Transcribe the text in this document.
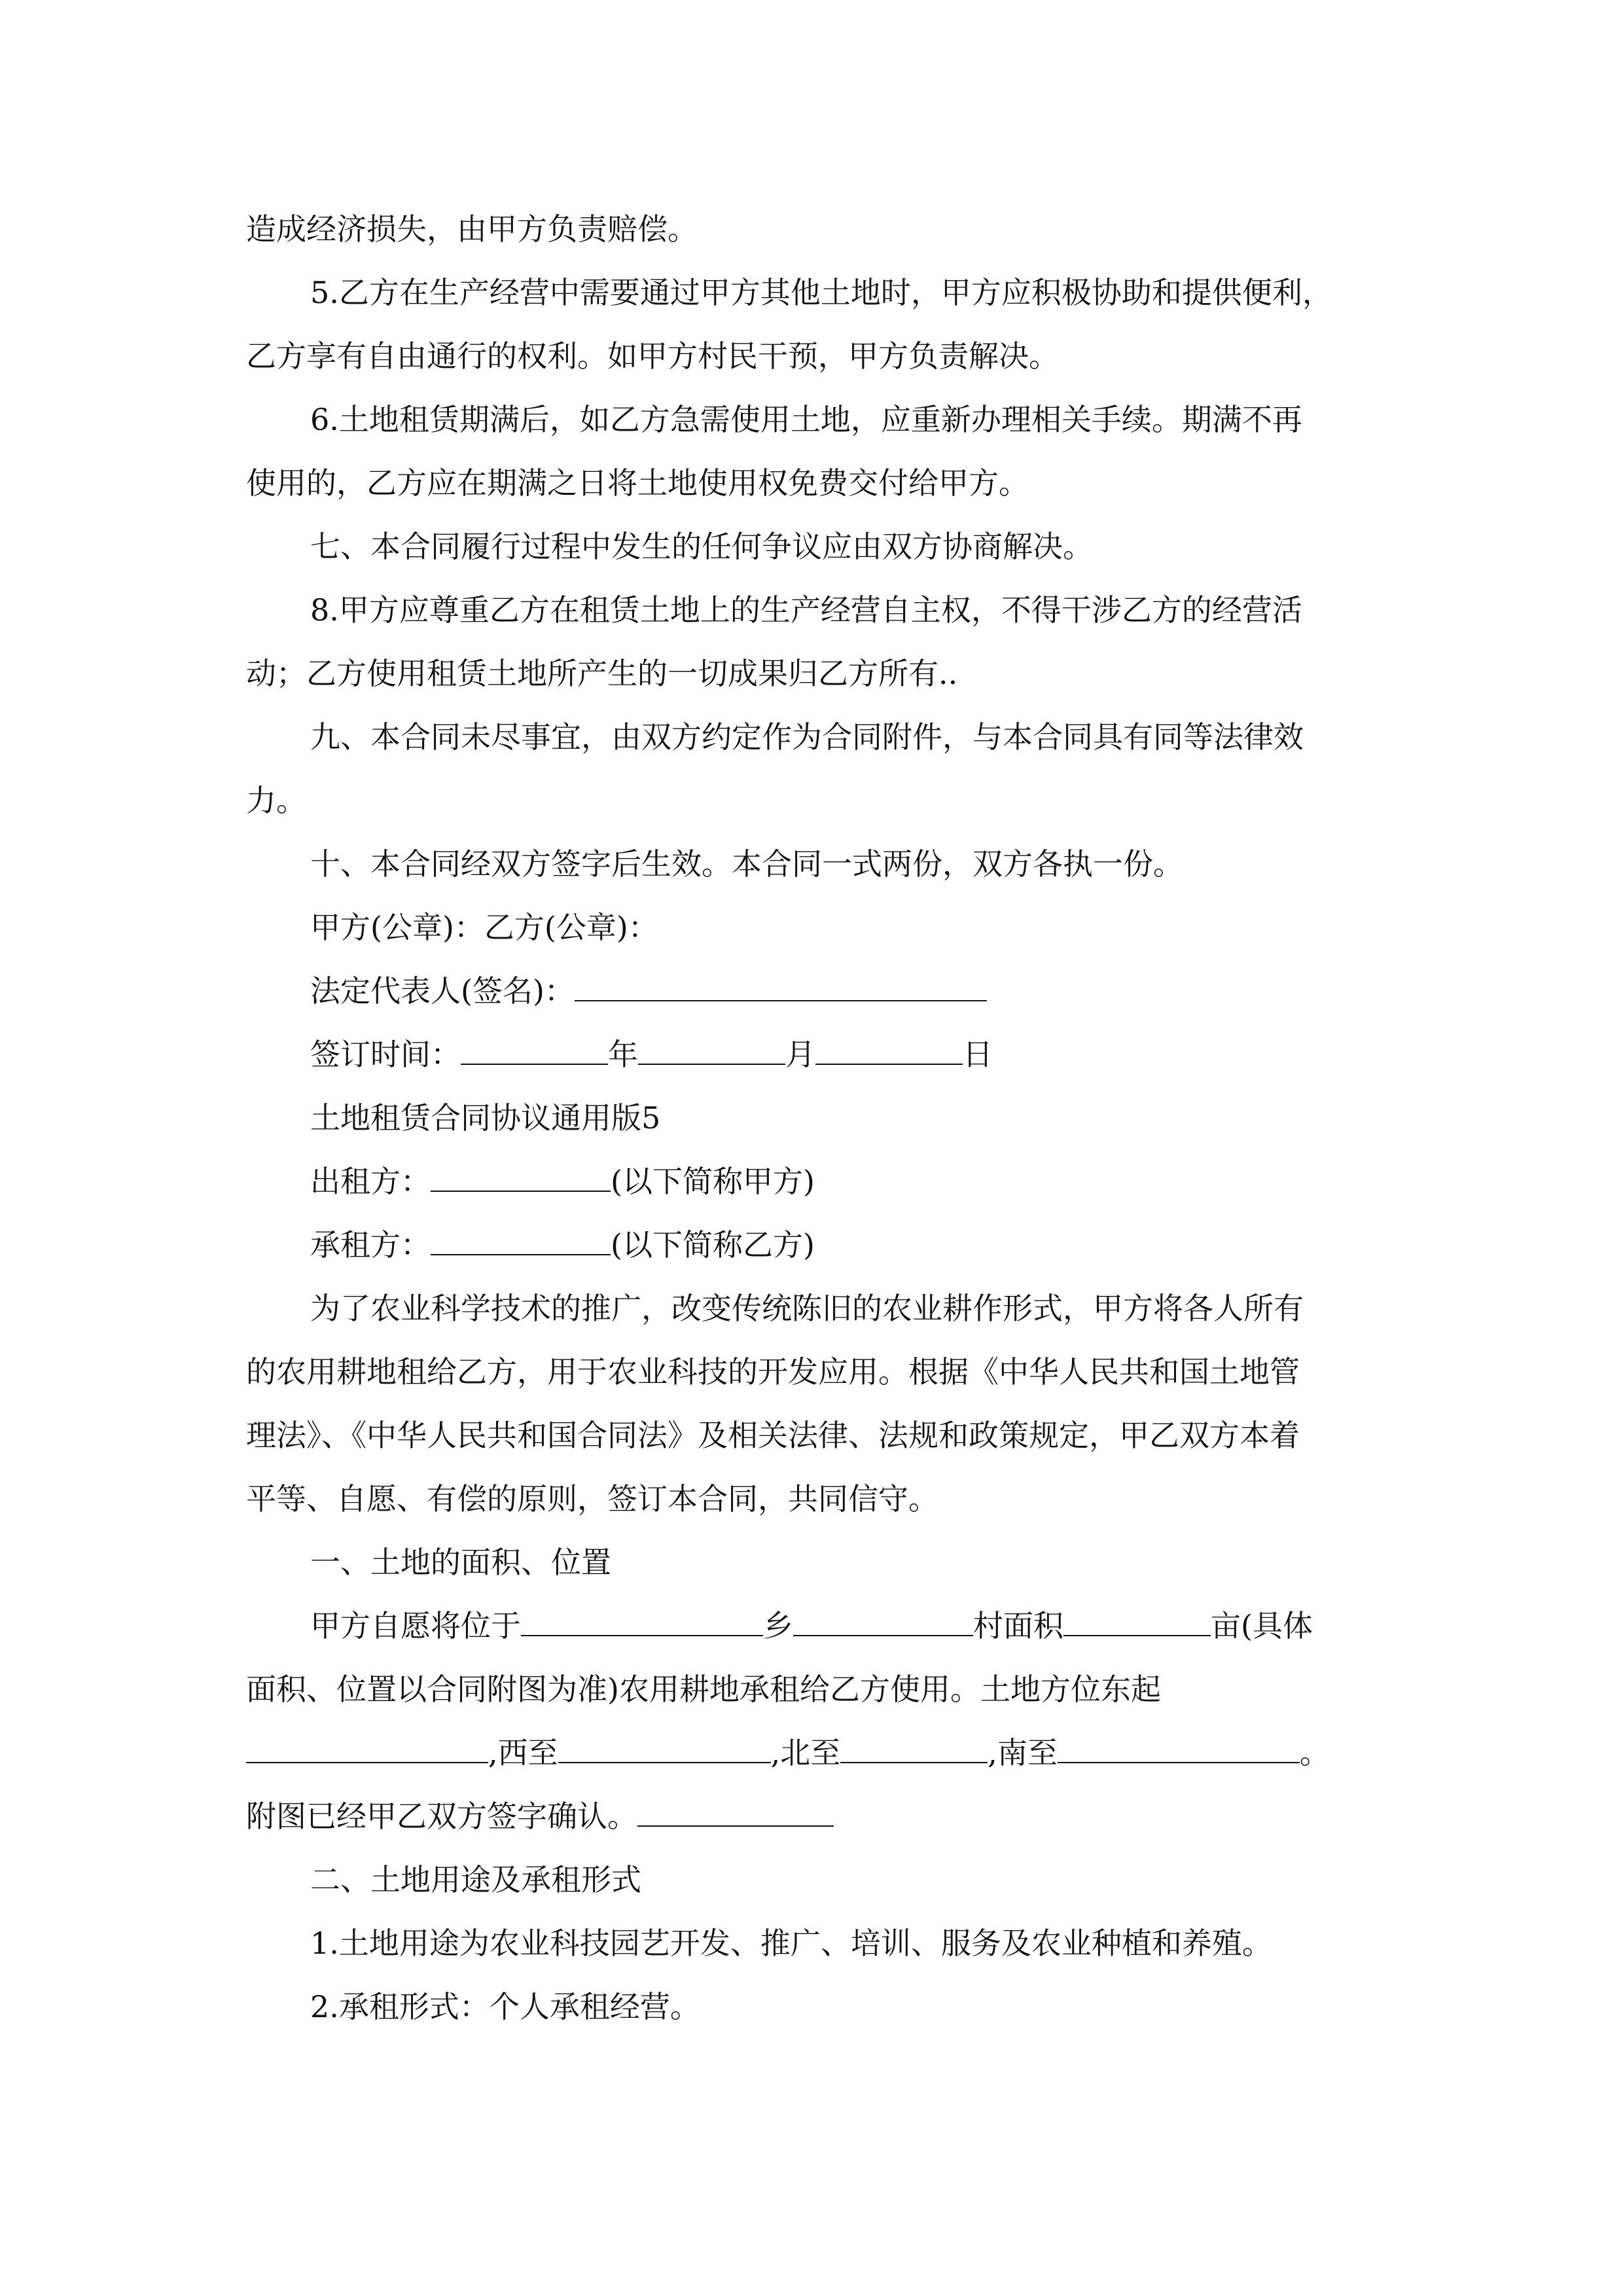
造成经济损失，由甲方负责赔偿。
5.乙方在生产经营中需要通过甲方其他土地时，甲方应积极协助和提供便利，
乙方享有自由通行的权利。如甲方村民干预，甲方负责解决。
6.土地租赁期满后，如乙方急需使用土地，应重新办理相关手续。期满不再
使用的，乙方应在期满之日将土地使用权免费交付给甲方。
七、本合同履行过程中发生的任何争议应由双方协商解决。
8.甲方应尊重乙方在租赁土地上的生产经营自主权，不得干涉乙方的经营活
动；乙方使用租赁土地所产生的一切成果归乙方所有..
九、本合同未尽事宜，由双方约定作为合同附件，与本合同具有同等法律效
力。
十、本合同经双方签字后生效。本合同一式两份，双方各执一份。
甲方(公章)：乙方(公章)：
法定代表人(签名)：
签订时间：	年	月	日
土地租赁合同协议通用版5
出租方：	(以下简称甲方)
承租方：	(以下简称乙方)
为了农业科学技术的推广，改变传统陈旧的农业耕作形式，甲方将各人所有
的农用耕地租给乙方，用于农业科技的开发应用。根据《中华人民共和国土地管
理法》、《中华人民共和国合同法》及相关法律、法规和政策规定，甲乙双方本着
平等、自愿、有偿的原则，签订本合同，共同信守。
一、土地的面积、位置
甲方自愿将位于	乡	村面积	亩(具体
面积、位置以合同附图为准)农用耕地承租给乙方使用。土地方位东起
,西至	,北至	,南至	。
附图已经甲乙双方签字确认。
二、土地用途及承租形式
1.土地用途为农业科技园艺开发、推广、培训、服务及农业种植和养殖。
2.承租形式：个人承租经营。
